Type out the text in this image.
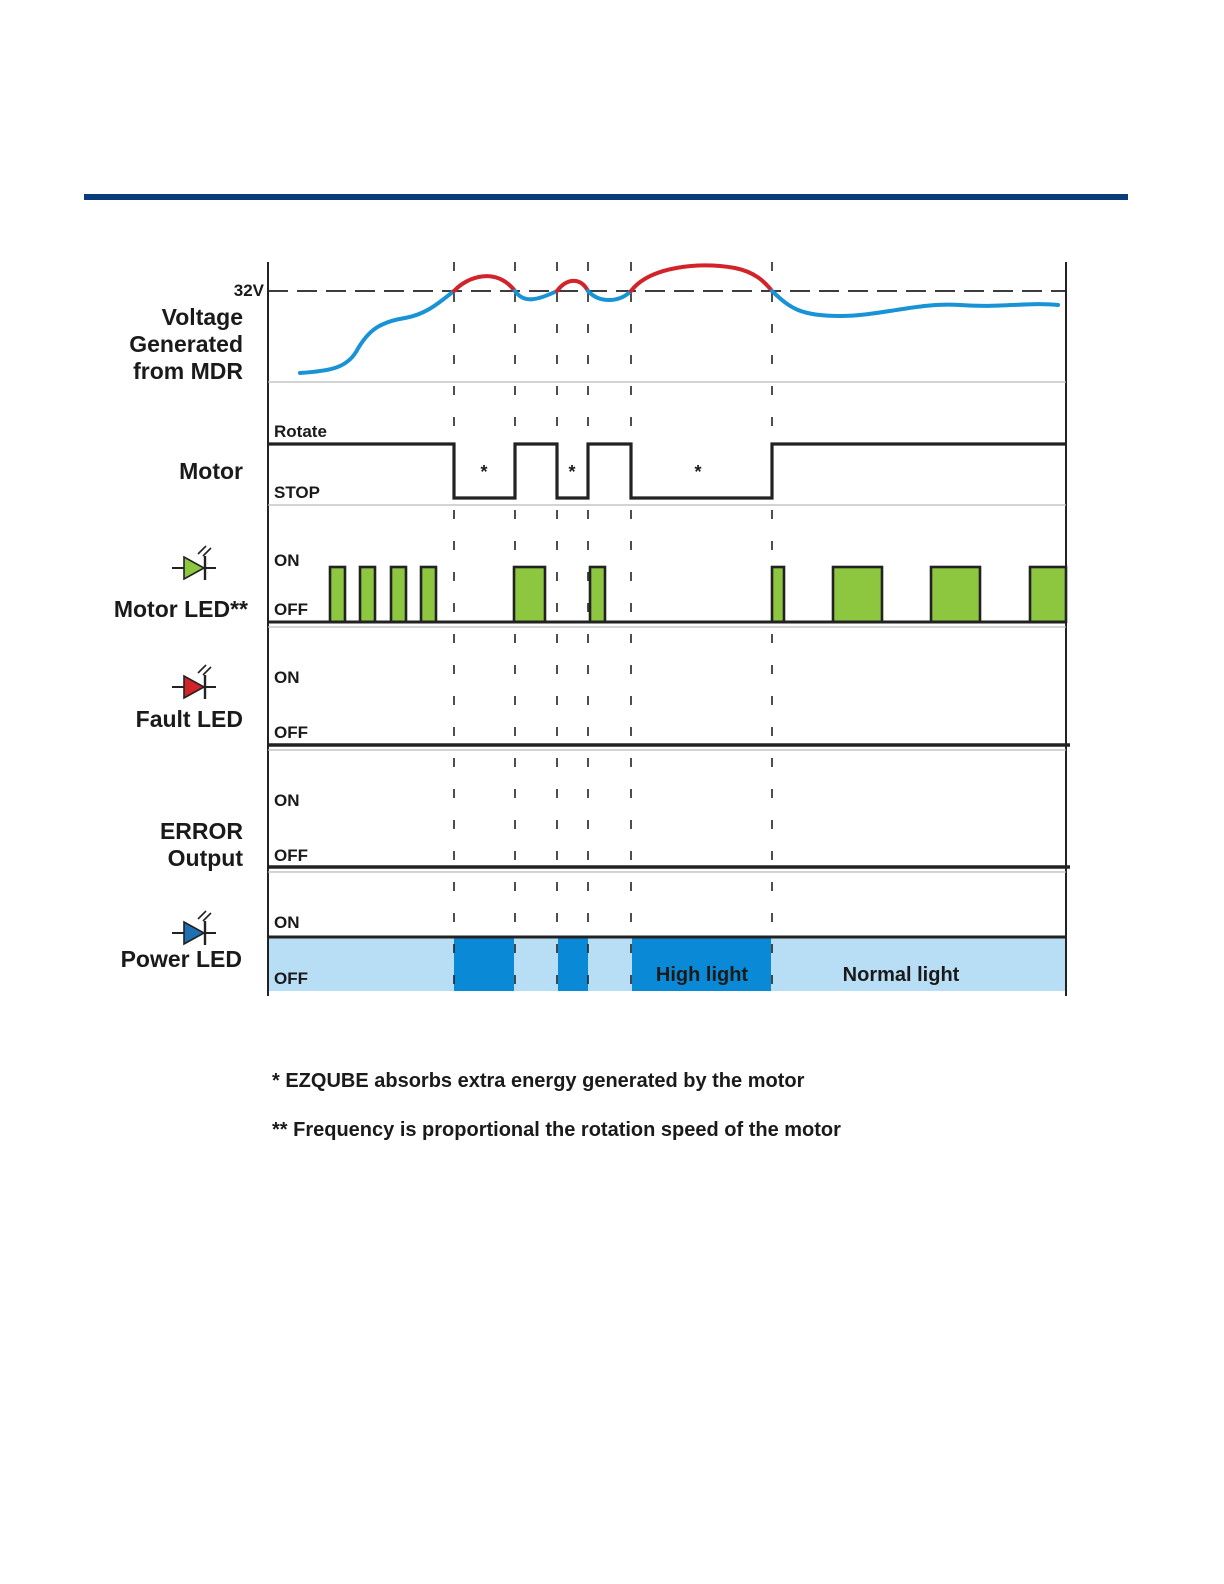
32V
*	*	*
Rotate
STOP
ON
OFF
ON
OFF
ON
OFF
ON
OFF	High light	Normal light
Voltage
Generated
from MDR
Motor
Motor LED**
Fault LED
ERROR
Output
Power LED
* EZQUBE absorbs extra energy generated by the motor
** Frequency is proportional the rotation speed of the motor
